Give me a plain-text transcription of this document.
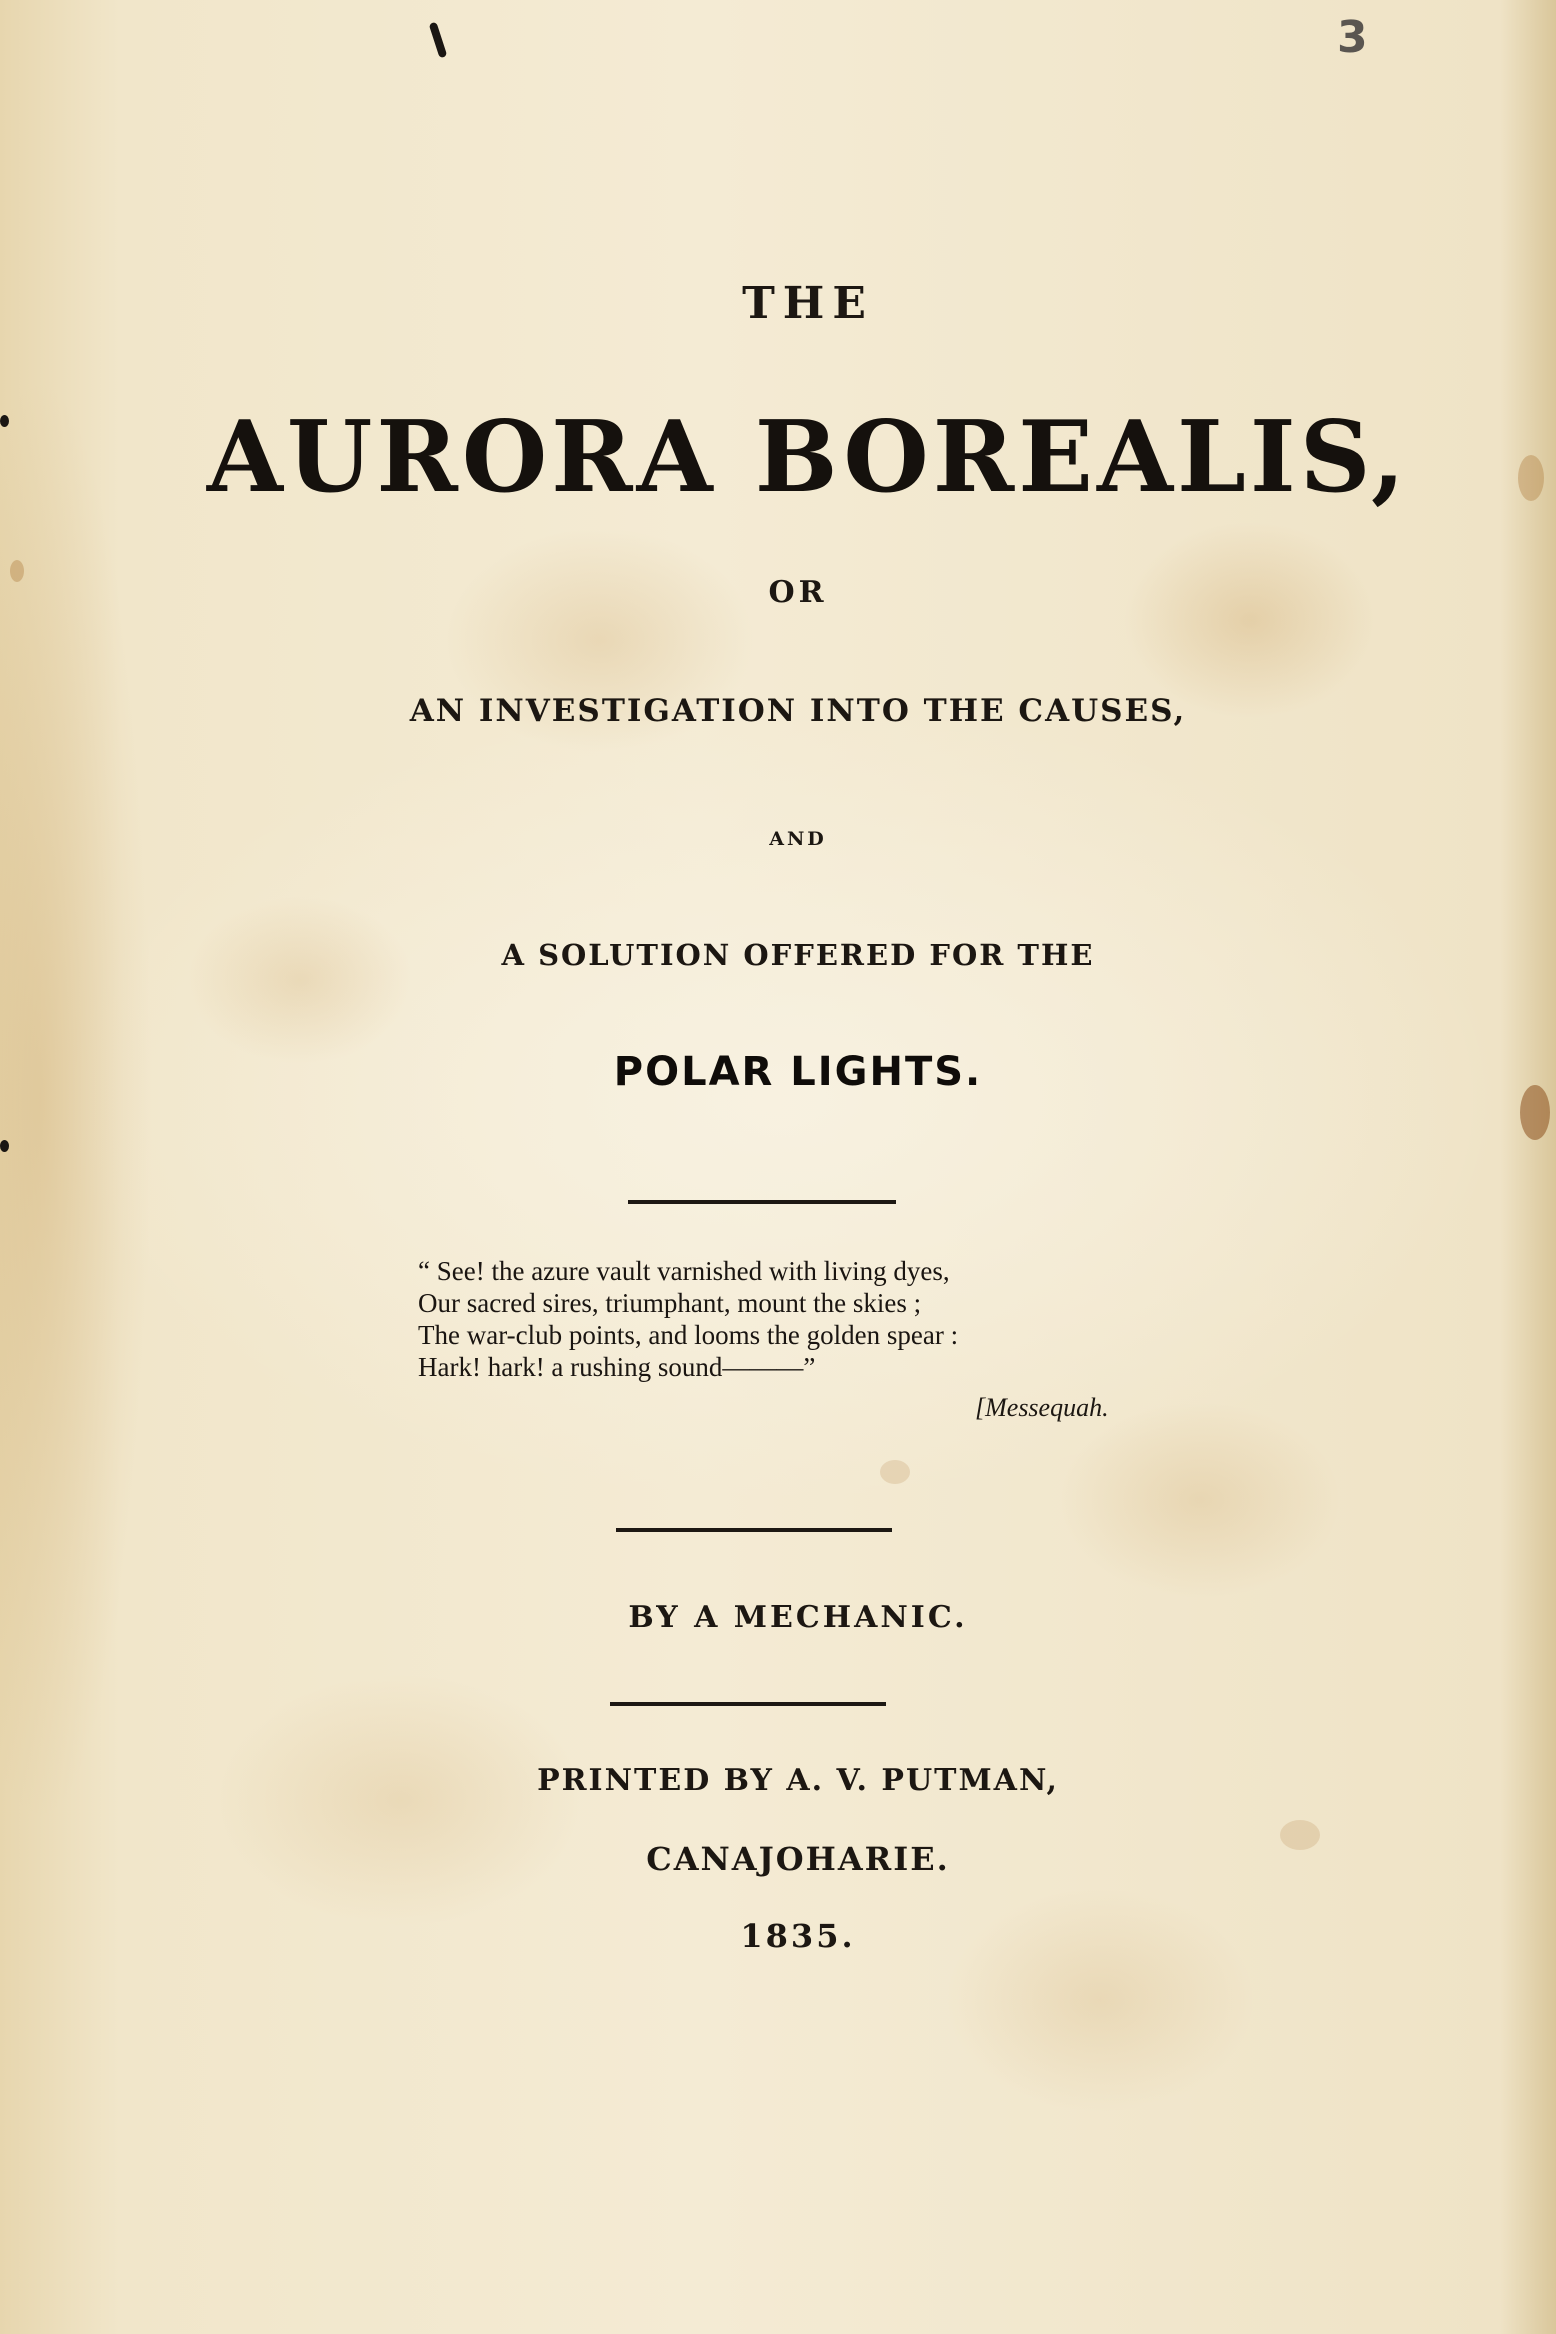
3
THE
AURORA BOREALIS,
OR
AN INVESTIGATION INTO THE CAUSES,
AND
A SOLUTION OFFERED FOR THE
POLAR LIGHTS.
“ See! the azure vault varnished with living dyes,
Our sacred sires, triumphant, mount the skies ;
The war-club points, and looms the golden spear :
Hark! hark! a rushing sound———”
[Messequah.
BY A MECHANIC.
PRINTED BY A. V. PUTMAN,
CANAJOHARIE.
1835.
